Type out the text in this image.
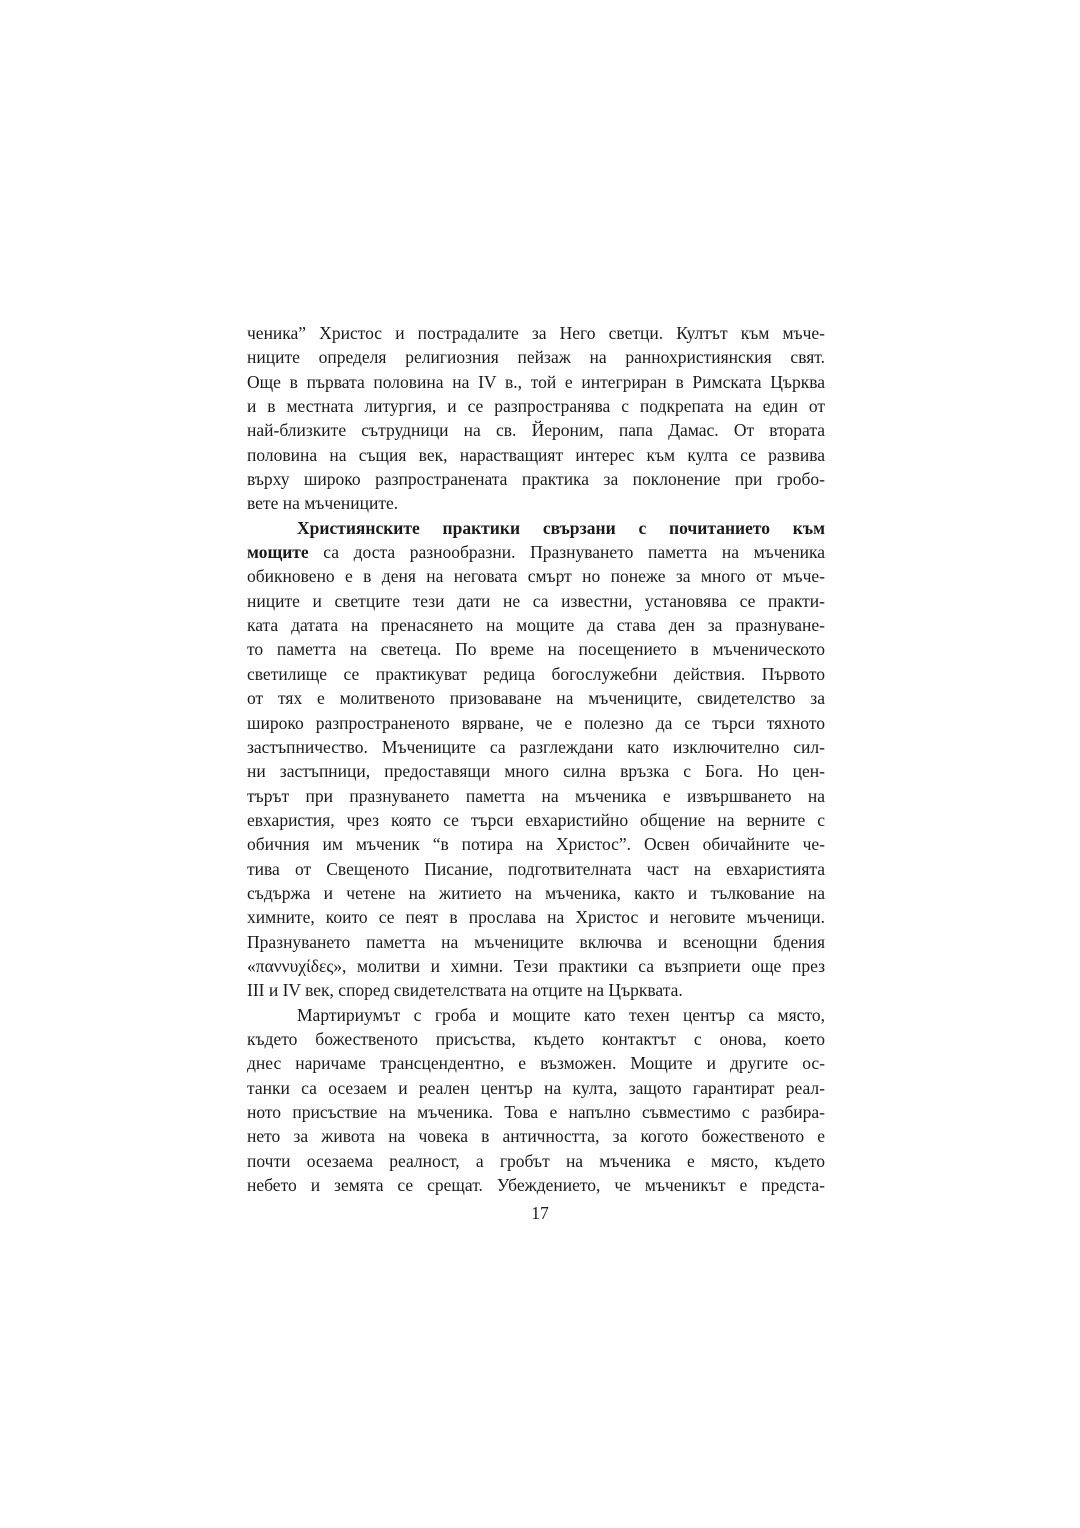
ченика” Христос и пострадалите за Него светци. Култът към мъче-
ниците определя религиозния пейзаж на раннохристиянския свят.
Още в първата половина на IV в., той е интегриран в Римската Църква
и в местната литургия, и се разпространява с подкрепата на един от
най-близките сътрудници на св. Йероним, папа Дамас. От втората
половина на същия век, нарастващият интерес към култа се развива
върху широко разпространената практика за поклонение при гробо-
вете на мъчениците.
Християнските практики свързани с почитанието към
мощите са доста разнообразни. Празнуването паметта на мъченика
обикновено е в деня на неговата смърт но понеже за много от мъче-
ниците и светците тези дати не са известни, установява се практи-
ката датата на пренасянето на мощите да става ден за празнуване-
то паметта на светеца. По време на посещението в мъченическото
светилище се практикуват редица богослужебни действия. Първото
от тях е молитвеното призоваване на мъчениците, свидетелство за
широко разпространеното вярване, че е полезно да се търси тяхното
застъпничество. Мъчениците са разглеждани като изключително сил-
ни застъпници, предоставящи много силна връзка с Бога. Но цен-
търът при празнуването паметта на мъченика е извършването на
евхаристия, чрез която се търси евхаристийно общение на верните с
обичния им мъченик “в потира на Христос”. Освен обичайните че-
тива от Свещеното Писание, подготвителната част на евхаристията
съдържа и четене на житието на мъченика, както и тълкование на
химните, които се пеят в прослава на Христос и неговите мъченици.
Празнуването паметта на мъчениците включва и всенощни бдения
«παννυχίδες», молитви и химни. Тези практики са възприети още през
III и IV век, според свидетелствата на отците на Църквата.
Мартириумът с гроба и мощите като техен център са място,
където божественото присъства, където контактът с онова, което
днес наричаме трансцендентно, е възможен. Мощите и другите ос-
танки са осезаем и реален център на култа, защото гарантират реал-
ното присъствие на мъченика. Това е напълно съвместимо с разбира-
нето за живота на човека в античността, за когото божественото е
почти осезаема реалност, а гробът на мъченика е място, където
небето и земята се срещат. Убеждението, че мъченикът е предста-
17
